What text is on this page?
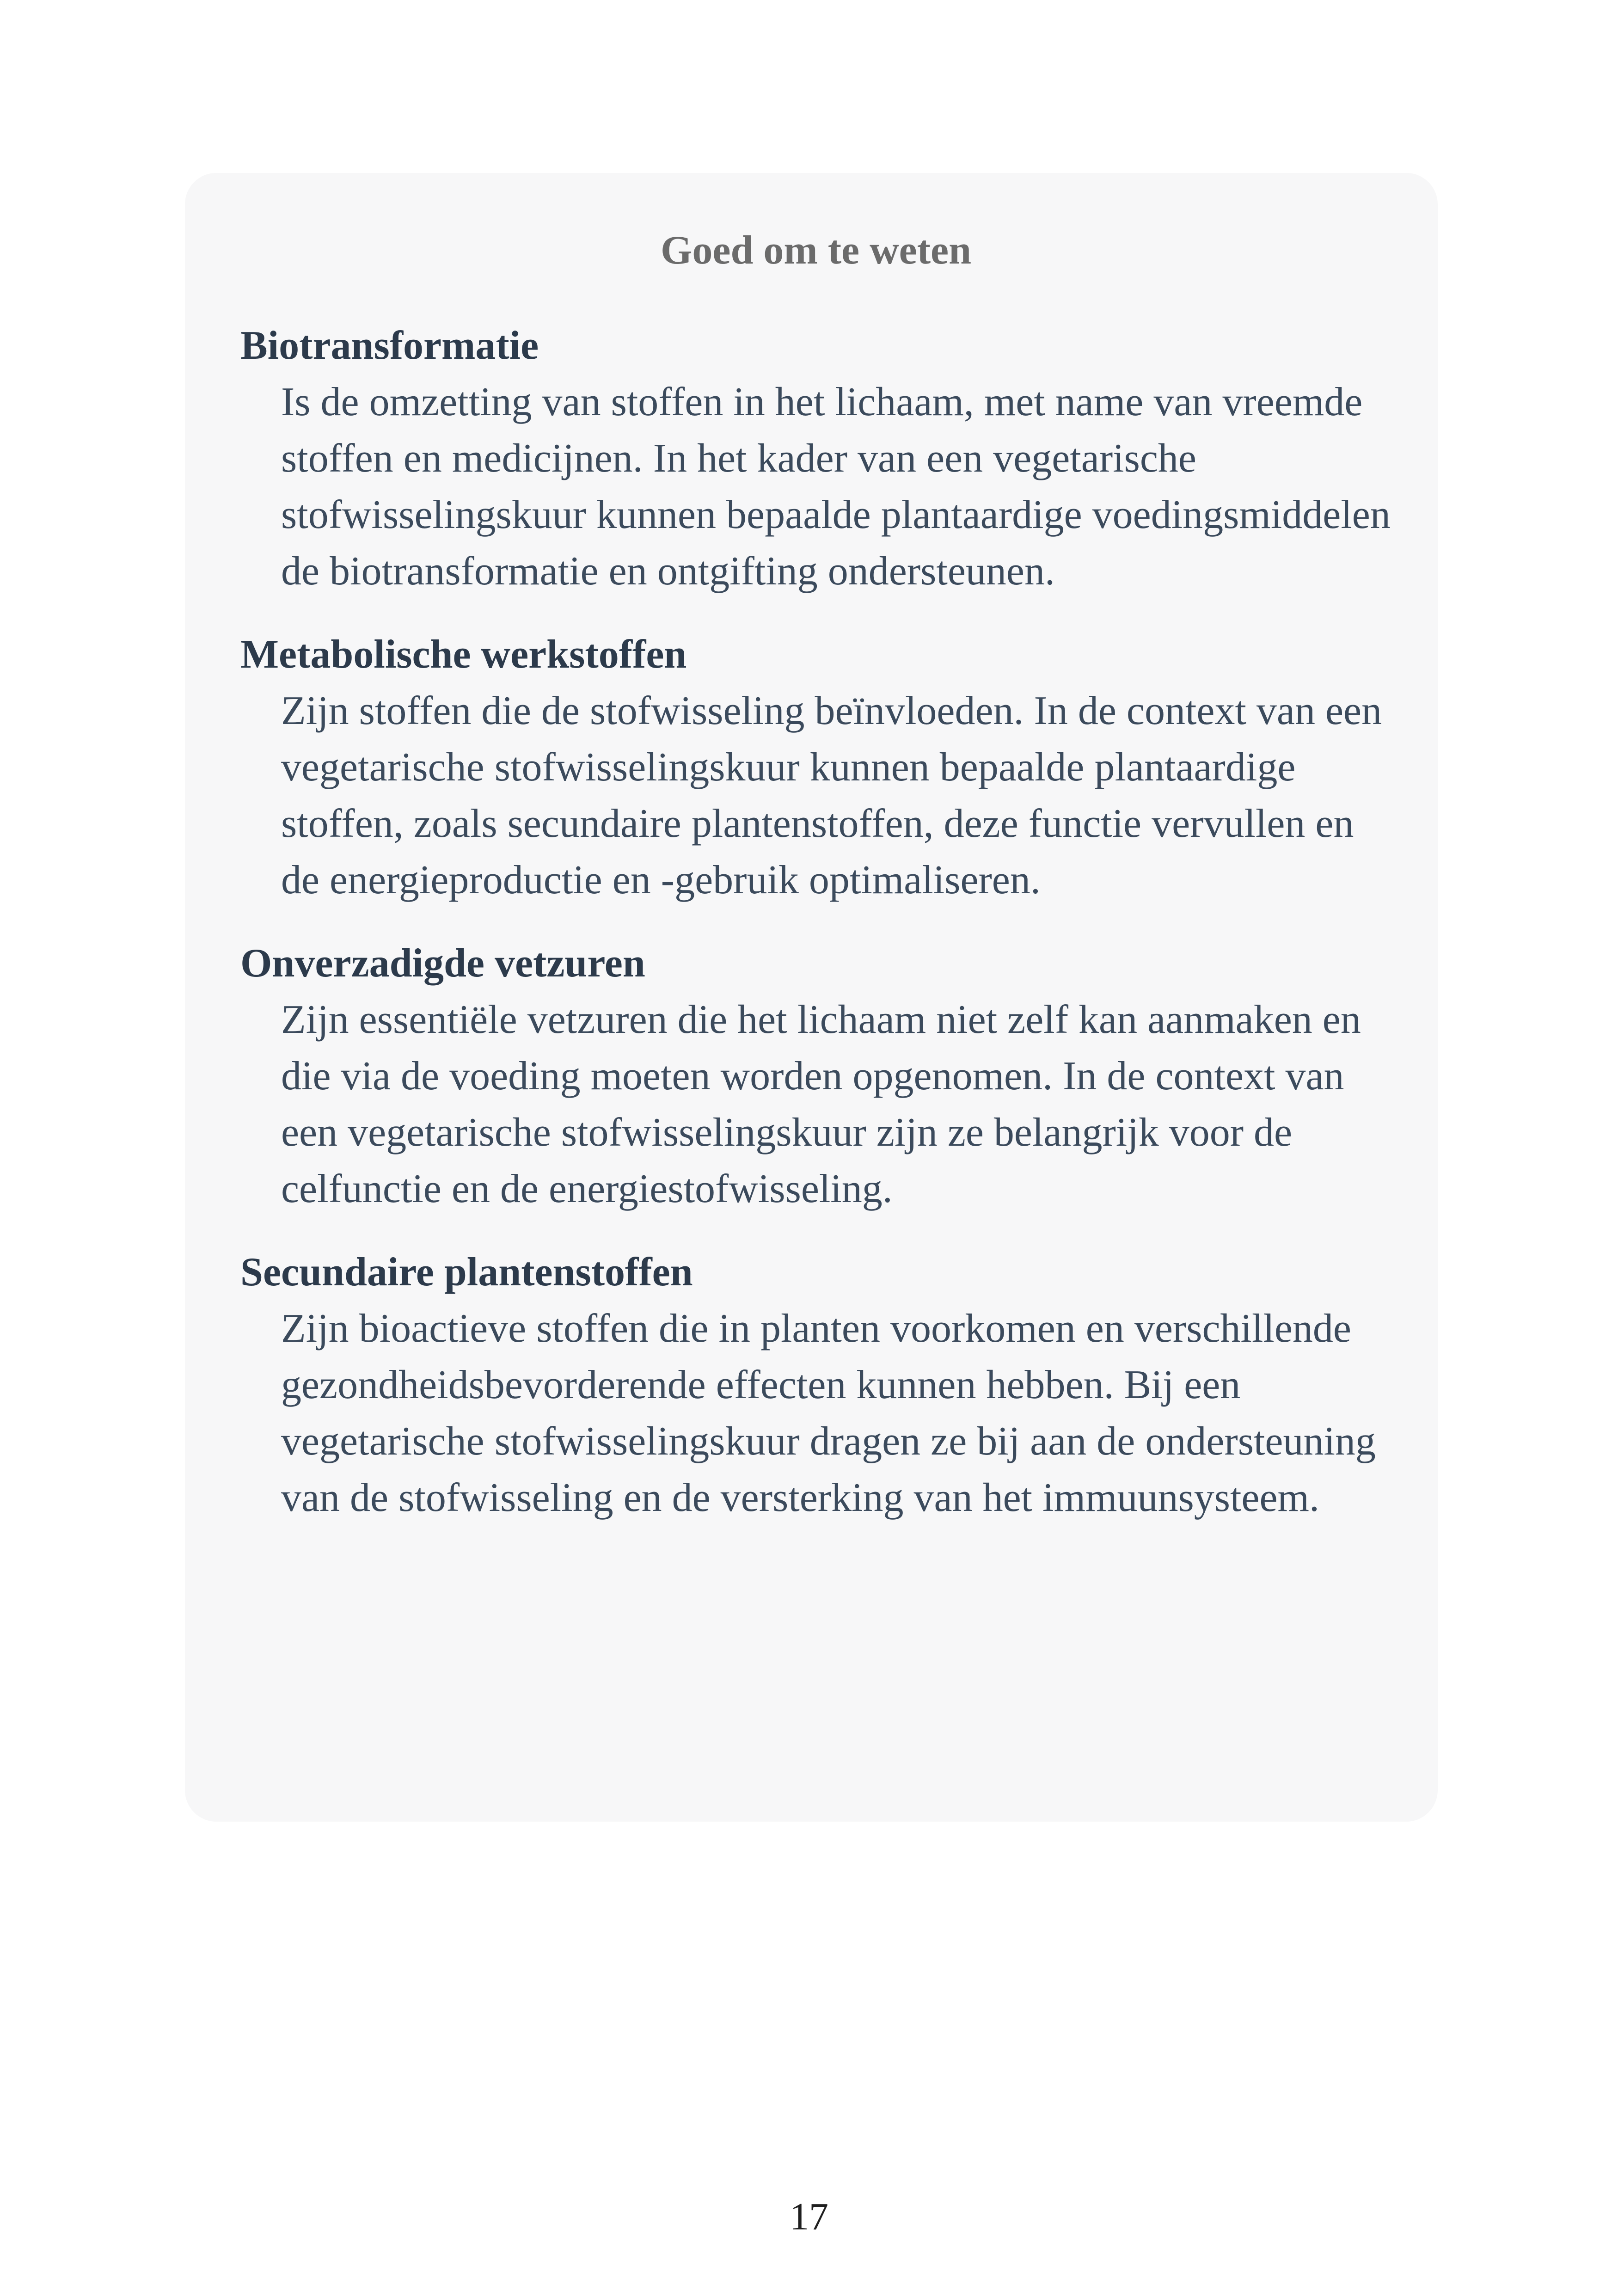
Goed om te weten

Biotransformatie

Is de omzetting van stoffen in het lichaam, met name van vreemde stoffen en medicijnen. In het kader van een vegetarische stofwisselingskuur kunnen bepaalde plantaardige voedingsmiddelen de biotransformatie en ontgifting ondersteunen.

Metabolische werkstoffen

Zijn stoffen die de stofwisseling beïnvloeden. In de context van een vegetarische stofwisselingskuur kunnen bepaalde plantaardige stoffen, zoals secundaire plantenstoffen, deze functie vervullen en de energieproductie en -gebruik optimaliseren.

Onverzadigde vetzuren

Zijn essentiële vetzuren die het lichaam niet zelf kan aanmaken en die via de voeding moeten worden opgenomen. In de context van een vegetarische stofwisselingskuur zijn ze belangrijk voor de celfunctie en de energiestofwisseling.

Secundaire plantenstoffen

Zijn bioactieve stoffen die in planten voorkomen en verschillende gezondheidsbevorderende effecten kunnen hebben. Bij een vegetarische stofwisselingskuur dragen ze bij aan de ondersteuning van de stofwisseling en de versterking van het immuunsysteem.

17
